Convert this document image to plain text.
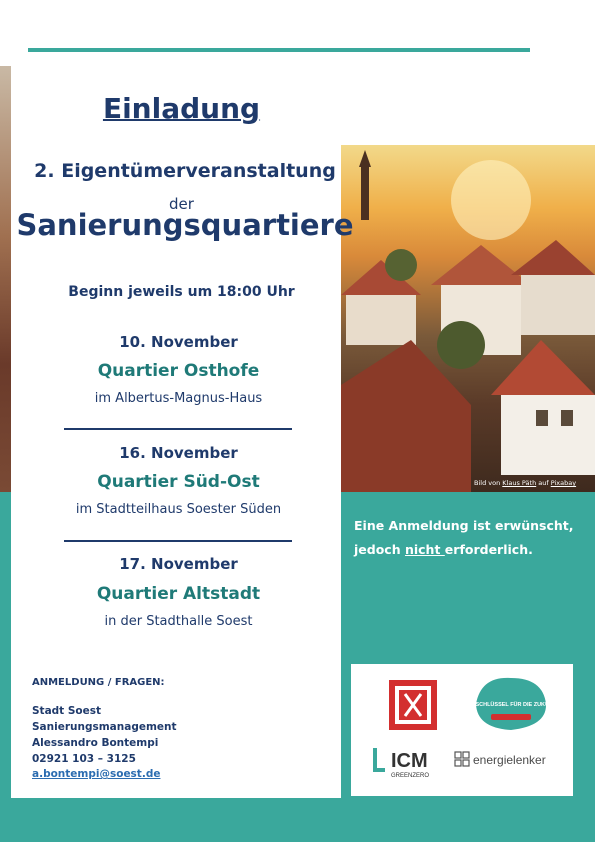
Bild von Klaus Päth auf Pixabay
Einladung
2. Eigentümerveranstaltung
der
Sanierungsquartiere
Beginn jeweils um 18:00 Uhr
10. November
Quartier Osthofe
im Albertus-Magnus-Haus
16. November
Quartier Süd-Ost
im Stadtteilhaus Soester Süden
17. November
Quartier Altstadt
in der Stadthalle Soest
ANMELDUNG / FRAGEN:
Stadt Soest
Sanierungsmanagement
Alessandro Bontempi
02921 103 – 3125
a.bontempi@soest.de
Eine Anmeldung ist erwünscht,
jedoch nicht erforderlich.
DER SCHLÜSSEL FÜR DIE ZUKUNFT
ICM
GREENZERO
energielenker
